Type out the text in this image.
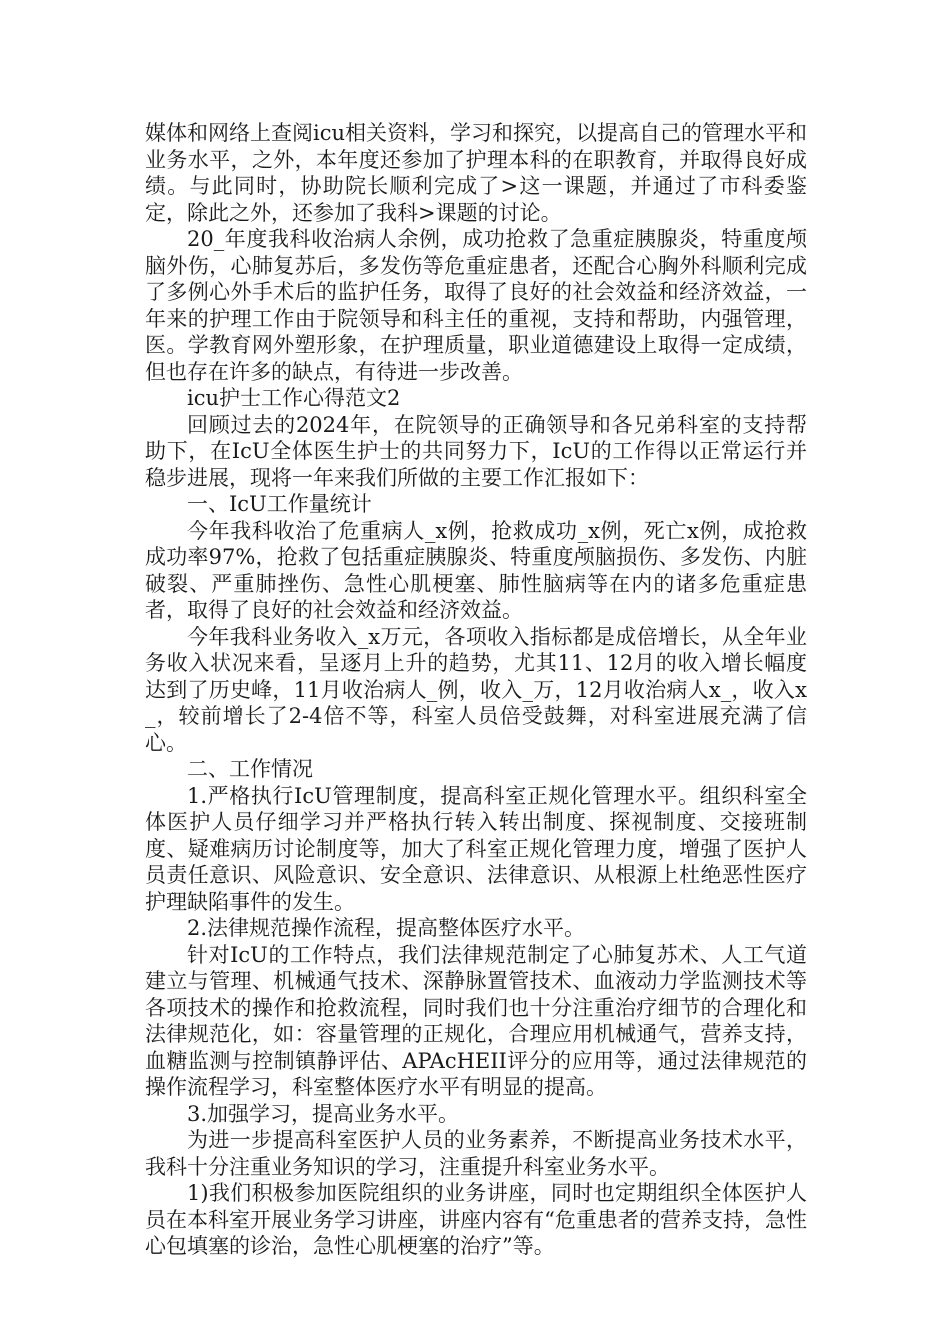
媒体和网络上查阅icu相关资料，学习和探究，以提高自己的管理水平和业务水平，之外，本年度还参加了护理本科的在职教育，并取得良好成绩。与此同时，协助院长顺利完成了>这一课题，并通过了市科委鉴定，除此之外，还参加了我科>课题的讨论。

20_年度我科收治病人余例，成功抢救了急重症胰腺炎，特重度颅脑外伤，心肺复苏后，多发伤等危重症患者，还配合心胸外科顺利完成了多例心外手术后的监护任务，取得了良好的社会效益和经济效益，一年来的护理工作由于院领导和科主任的重视，支持和帮助，内强管理，医。学教育网外塑形象，在护理质量，职业道德建设上取得一定成绩，但也存在许多的缺点，有待进一步改善。

icu护士工作心得范文2

回顾过去的2024年，在院领导的正确领导和各兄弟科室的支持帮助下，在IcU全体医生护士的共同努力下，IcU的工作得以正常运行并稳步进展，现将一年来我们所做的主要工作汇报如下：

一、IcU工作量统计

今年我科收治了危重病人_x例，抢救成功_x例，死亡x例，成抢救成功率97%，抢救了包括重症胰腺炎、特重度颅脑损伤、多发伤、内脏破裂、严重肺挫伤、急性心肌梗塞、肺性脑病等在内的诸多危重症患者，取得了良好的社会效益和经济效益。

今年我科业务收入_x万元，各项收入指标都是成倍增长，从全年业务收入状况来看，呈逐月上升的趋势，尤其11、12月的收入增长幅度达到了历史峰，11月收治病人_例，收入_万，12月收治病人x_，收入x_，较前增长了2-4倍不等，科室人员倍受鼓舞，对科室进展充满了信心。

二、工作情况

1.严格执行IcU管理制度，提高科室正规化管理水平。组织科室全体医护人员仔细学习并严格执行转入转出制度、探视制度、交接班制度、疑难病历讨论制度等，加大了科室正规化管理力度，增强了医护人员责任意识、风险意识、安全意识、法律意识、从根源上杜绝恶性医疗护理缺陷事件的发生。

2.法律规范操作流程，提高整体医疗水平。

针对IcU的工作特点，我们法律规范制定了心肺复苏术、人工气道建立与管理、机械通气技术、深静脉置管技术、血液动力学监测技术等各项技术的操作和抢救流程，同时我们也十分注重治疗细节的合理化和法律规范化，如：容量管理的正规化，合理应用机械通气，营养支持，血糖监测与控制镇静评估、APAcHEII评分的应用等，通过法律规范的操作流程学习，科室整体医疗水平有明显的提高。

3.加强学习，提高业务水平。

为进一步提高科室医护人员的业务素养，不断提高业务技术水平，我科十分注重业务知识的学习，注重提升科室业务水平。

1)我们积极参加医院组织的业务讲座，同时也定期组织全体医护人员在本科室开展业务学习讲座，讲座内容有“危重患者的营养支持，急性心包填塞的诊治，急性心肌梗塞的治疗”等。
